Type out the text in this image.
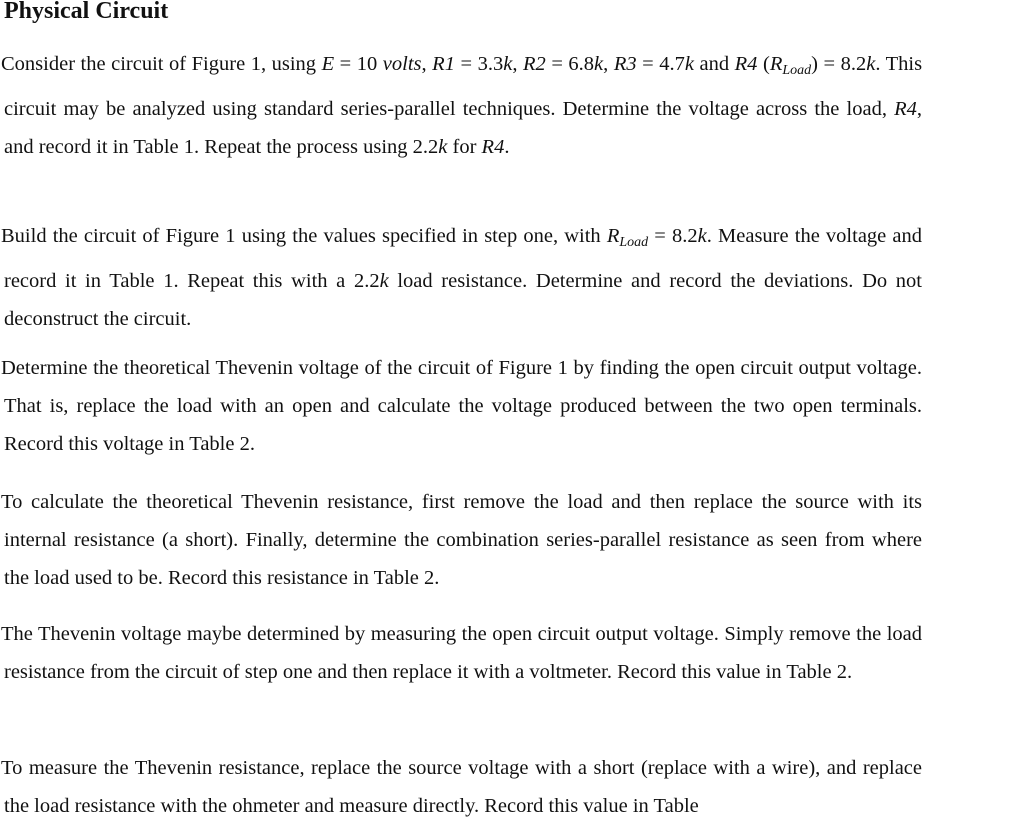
Physical Circuit

Consider the circuit of Figure 1, using E = 10 volts, R1 = 3.3k, R2 = 6.8k, R3 = 4.7k and R4 $(R_{Load}) = 8.2k$. This circuit may be analyzed using standard series-parallel techniques. Determine the voltage across the load, R4, and record it in Table 1. Repeat the process using 2.2k for R4.

Build the circuit of Figure 1 using the values specified in step one, with $R_{Load} = 8.2k$. Measure the voltage and record it in Table 1. Repeat this with a 2.2k load resistance. Determine and record the deviations. Do not deconstruct the circuit.

Determine the theoretical Thevenin voltage of the circuit of Figure 1 by finding the open circuit output voltage. That is, replace the load with an open and calculate the voltage produced between the two open terminals. Record this voltage in Table 2.

To calculate the theoretical Thevenin resistance, first remove the load and then replace the source with its internal resistance (a short). Finally, determine the combination series-parallel resistance as seen from where the load used to be. Record this resistance in Table 2.

The Thevenin voltage maybe determined by measuring the open circuit output voltage. Simply remove the load resistance from the circuit of step one and then replace it with a voltmeter. Record this value in Table 2.

To measure the Thevenin resistance, replace the source voltage with a short (replace with a wire), and replace the load resistance with the ohmeter and measure directly. Record this value in Table
